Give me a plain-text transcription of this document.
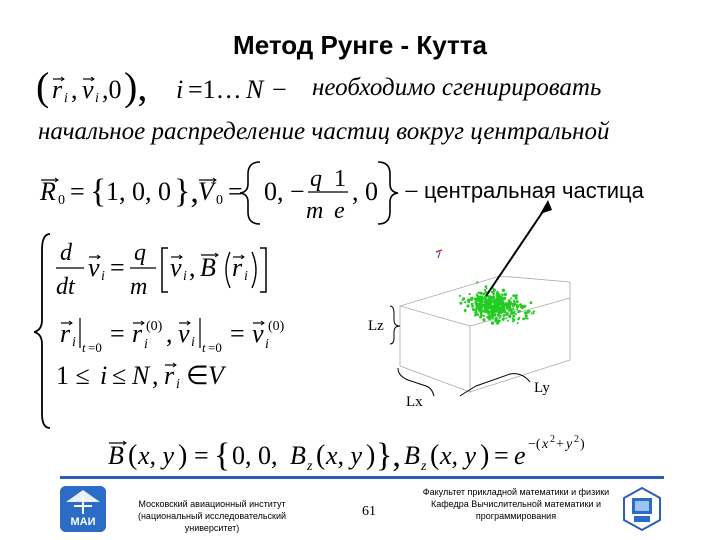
Метод Рунге - Кутта
( r i , v i ,0 ), i =1… N − необходимо сгенирировать
начальное распределение частиц вокруг центральной
R 0 = { 1, 0, 0 }, V 0 = 0, − q 1
m e
, 0 − центральная частица
d
dt
v i = q
m
v i , B r i
r i t =0 = r i
(0) , v i t =0 = v i
(0)
1 ≤ i ≤ N , r i ∈ V
Lz
Lx
Ly
B ( x, y ) = { 0, 0, B z ( x, y ) }, B z ( x, y ) = e −( x 2 + y 2 )
МАИ
Московский авиационный институт
(национальный исследовательский университет)
61
Факультет прикладной математики и физики
Кафедра Вычислительной математики и
программирования
